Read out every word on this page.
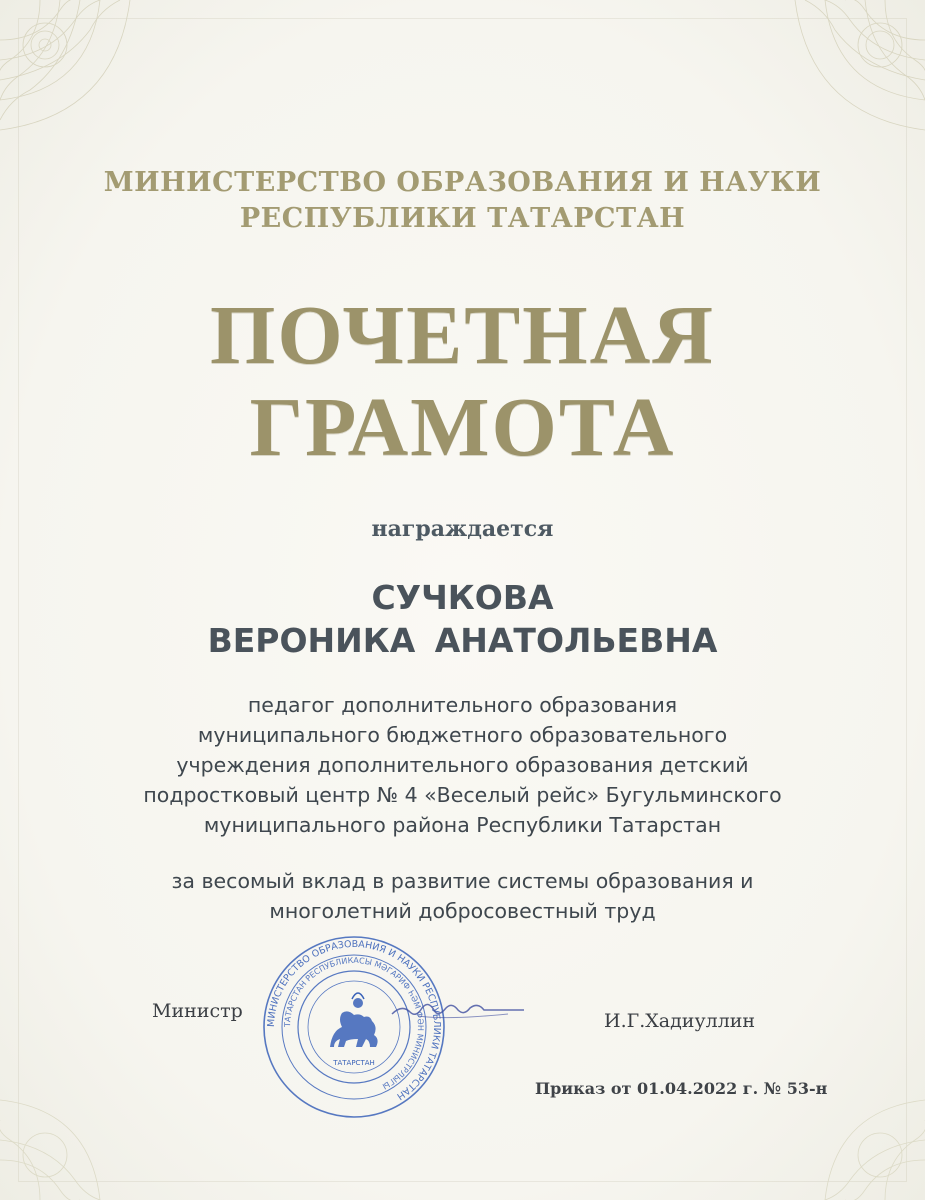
МИНИСТЕРСТВО ОБРАЗОВАНИЯ И НАУКИ
РЕСПУБЛИКИ ТАТАРСТАН
ПОЧЕТНАЯ
ГРАМОТА
награждается
СУЧКОВА
ВЕРОНИКА АНАТОЛЬЕВНА
педагог дополнительного образования
муниципального бюджетного образовательного
учреждения дополнительного образования детский
подростковый центр № 4 «Веселый рейс» Бугульминского
муниципального района Республики Татарстан
за весомый вклад в развитие системы образования и
многолетний добросовестный труд
Министр	И.Г.Хадиуллин
Приказ от 01.04.2022 г. № 53-н
МИНИСТЕРСТВО ОБРАЗОВАНИЯ И НАУКИ РЕСПУБЛИКИ ТАТАРСТАН
ТАТАРСТАН РЕСПУБЛИКАСЫ МӘГАРИФ ҺӘМ ФӘН МИНИСТРЛЫГЫ
ТАТАРСТАН
